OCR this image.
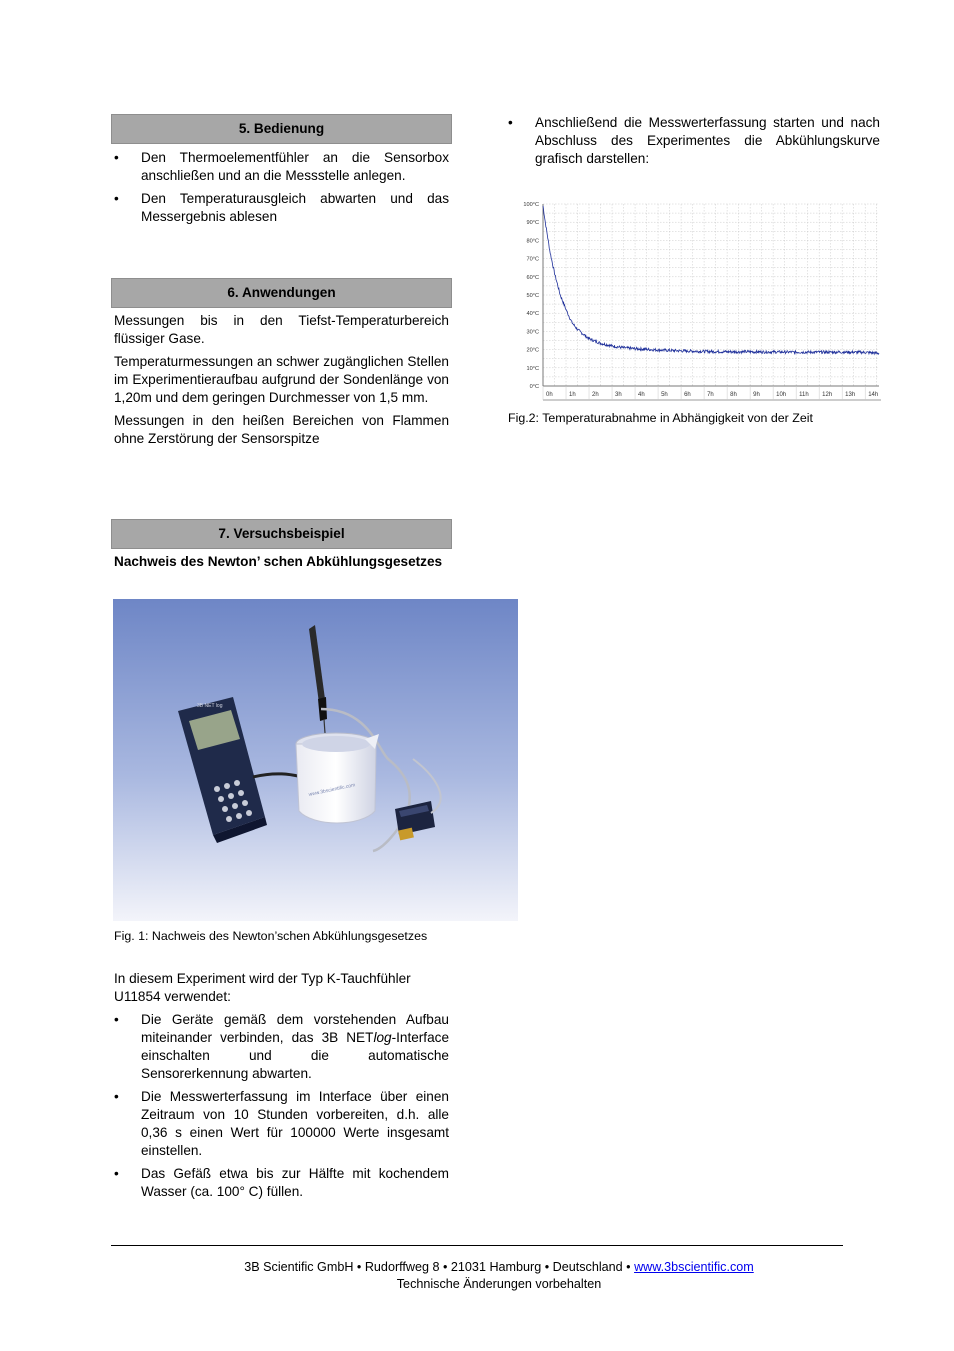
5. Bedienung
• Den Thermoelementfühler an die Sensorbox anschließen und an die Messstelle anlegen.
• Den Temperaturausgleich abwarten und das Messergebnis ablesen
6. Anwendungen

Messungen bis in den Tiefst-Temperaturbereich flüssiger Gase.

Temperaturmessungen an schwer zugänglichen Stellen im Experimentieraufbau aufgrund der Sondenlänge von 1,20m und dem geringen Durchmesser von 1,5 mm.

Messungen in den heißen Bereichen von Flammen ohne Zerstörung der Sensorspitze

7. Versuchsbeispiel

Nachweis des Newton’ schen Abkühlungsgesetzes

3B NET log
www.3bscientific.com

Fig. 1: Nachweis des Newton’schen Abkühlungsgesetzes

In diesem Experiment wird der Typ K-Tauchfühler U11854 verwendet:

• Die Geräte gemäß dem vorstehenden Aufbau miteinander verbinden, das 3B NETlog-Interface einschalten und die automatische Sensorerkennung abwarten.
• Die Messwerterfassung im Interface über einen Zeitraum von 10 Stunden vorbereiten, d.h. alle 0,36 s einen Wert für 100000 Werte insgesamt einstellen.
• Das Gefäß etwa bis zur Hälfte mit kochendem Wasser (ca. 100° C) füllen.
• Anschließend die Messwerterfassung starten und nach Abschluss des Experimentes die Abkühlungskurve grafisch darstellen:
0°C
10°C
20°C
30°C
40°C
50°C
60°C
70°C
80°C
90°C
100°C
0h	1h	2h	3h	4h	5h	6h	7h	8h	9h	10h 11h 12h 13h 14h

Fig.2: Temperaturabnahme in Abhängigkeit von der Zeit

3B Scientific GmbH • Rudorffweg 8 • 21031 Hamburg • Deutschland • www.3bscientific.com
Technische Änderungen vorbehalten
